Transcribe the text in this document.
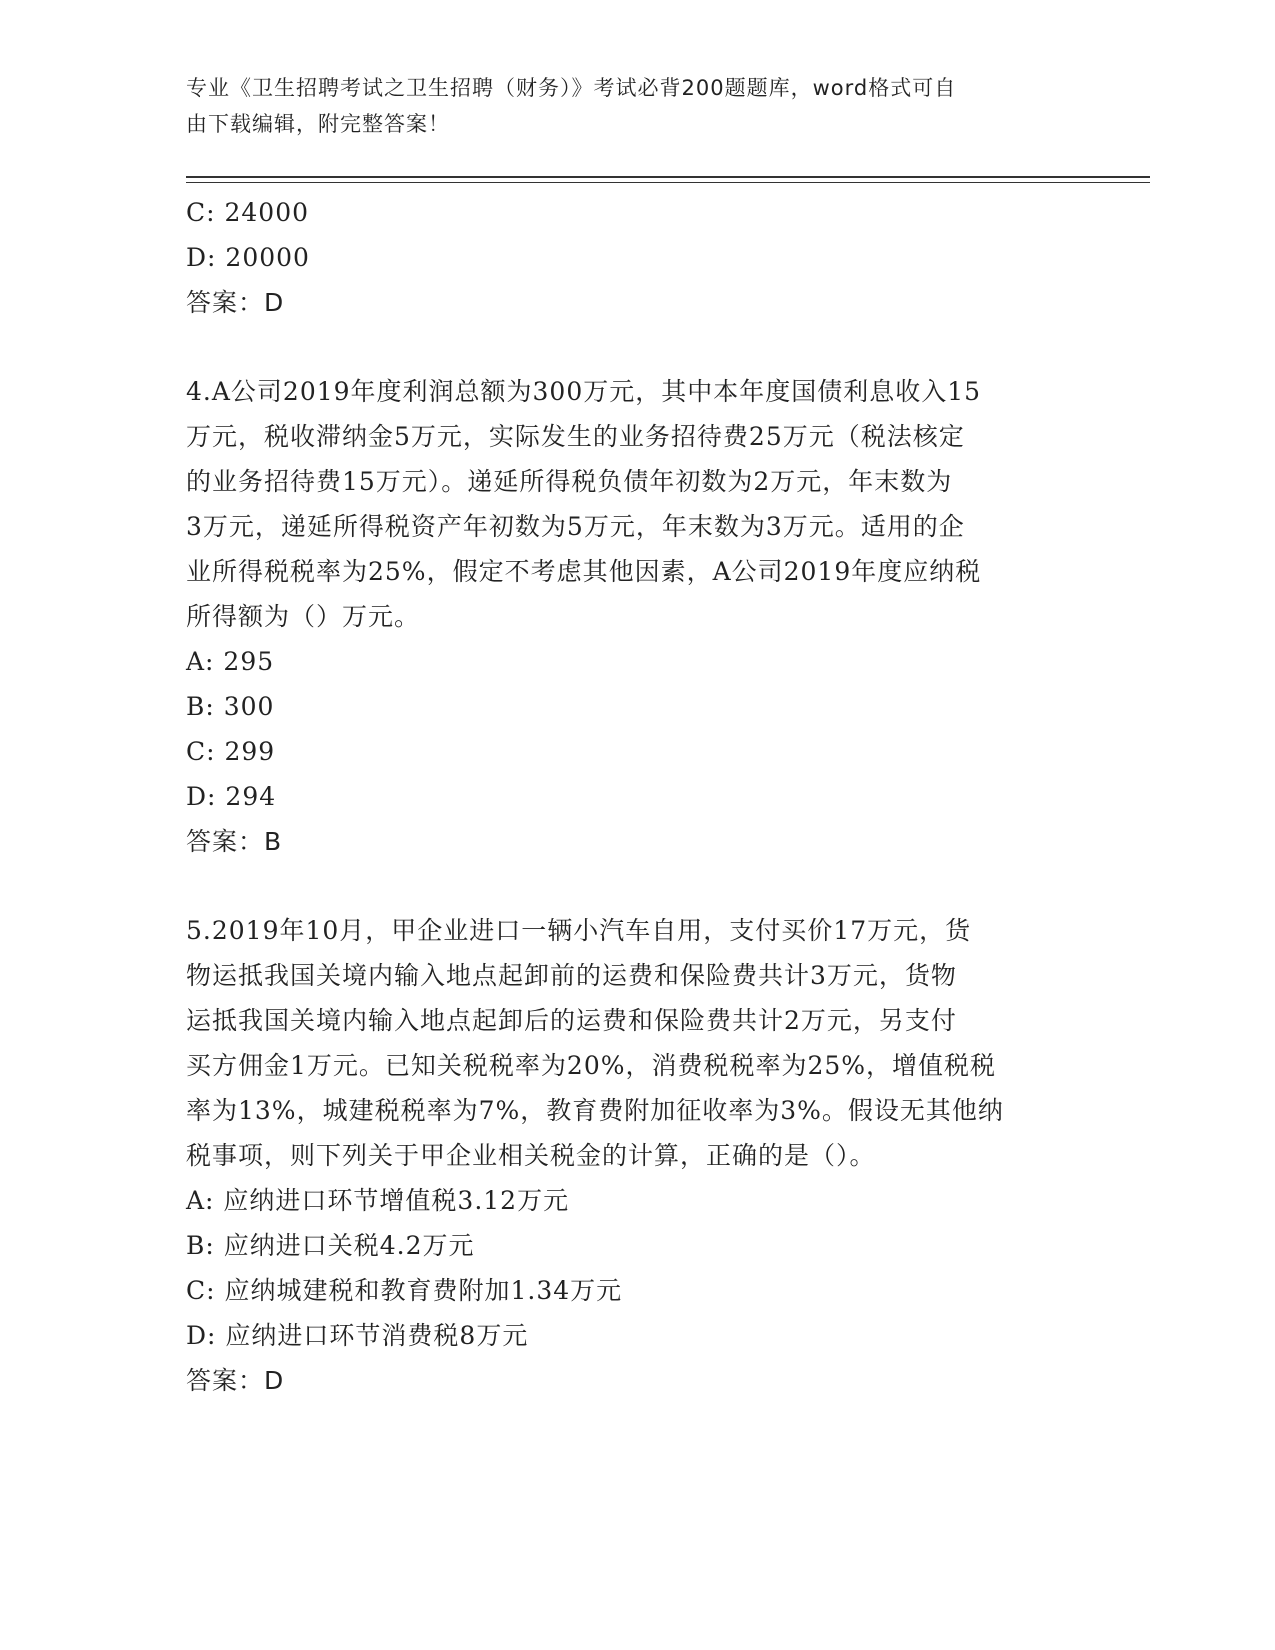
专业《卫生招聘考试之卫生招聘（财务）》考试必背200题题库，word格式可自
由下载编辑，附完整答案！
C: 24000
D: 20000
答案：D
4.A公司2019年度利润总额为300万元，其中本年度国债利息收入15
万元，税收滞纳金5万元，实际发生的业务招待费25万元（税法核定
的业务招待费15万元）。递延所得税负债年初数为2万元，年末数为
3万元，递延所得税资产年初数为5万元，年末数为3万元。适用的企
业所得税税率为25%，假定不考虑其他因素，A公司2019年度应纳税
所得额为（）万元。
A: 295
B: 300
C: 299
D: 294
答案：B
5.2019年10月，甲企业进口一辆小汽车自用，支付买价17万元，货
物运抵我国关境内输入地点起卸前的运费和保险费共计3万元，货物
运抵我国关境内输入地点起卸后的运费和保险费共计2万元，另支付
买方佣金1万元。已知关税税率为20%，消费税税率为25%，增值税税
率为13%，城建税税率为7%，教育费附加征收率为3%。假设无其他纳
税事项，则下列关于甲企业相关税金的计算，正确的是（）。
A: 应纳进口环节增值税3.12万元
B: 应纳进口关税4.2万元
C: 应纳城建税和教育费附加1.34万元
D: 应纳进口环节消费税8万元
答案：D
